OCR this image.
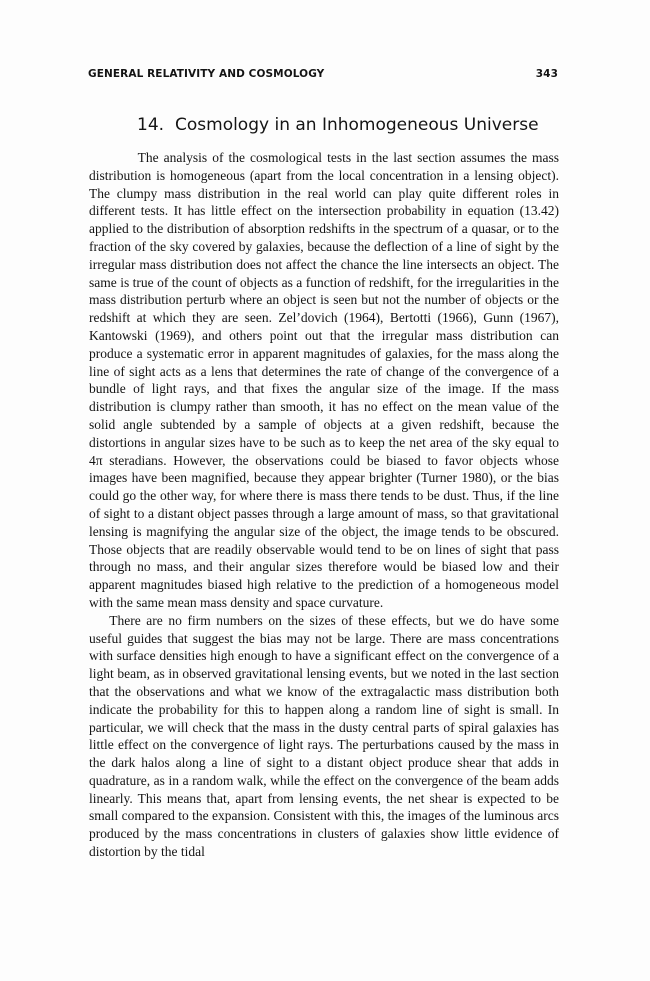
GENERAL RELATIVITY AND COSMOLOGY	343
14. Cosmology in an Inhomogeneous Universe

The analysis of the cosmological tests in the last section assumes the mass distribution is homogeneous (apart from the local concentration in a lensing object). The clumpy mass distribution in the real world can play quite different roles in different tests. It has little effect on the intersection probability in equation (13.42) applied to the distribution of absorption redshifts in the spectrum of a quasar, or to the fraction of the sky covered by galaxies, because the deflection of a line of sight by the irregular mass distribution does not affect the chance the line intersects an object. The same is true of the count of objects as a function of redshift, for the irregularities in the mass distribution perturb where an object is seen but not the number of objects or the redshift at which they are seen. Zel’dovich (1964), Bertotti (1966), Gunn (1967), Kantowski (1969), and others point out that the irregular mass distribution can produce a systematic error in apparent magnitudes of galaxies, for the mass along the line of sight acts as a lens that determines the rate of change of the convergence of a bundle of light rays, and that fixes the angular size of the image. If the mass distribution is clumpy rather than smooth, it has no effect on the mean value of the solid angle subtended by a sample of objects at a given redshift, because the distortions in angular sizes have to be such as to keep the net area of the sky equal to 4π steradians. However, the observations could be biased to favor objects whose images have been magnified, because they appear brighter (Turner 1980), or the bias could go the other way, for where there is mass there tends to be dust. Thus, if the line of sight to a distant object passes through a large amount of mass, so that gravitational lensing is magnifying the angular size of the object, the image tends to be obscured. Those objects that are readily observable would tend to be on lines of sight that pass through no mass, and their angular sizes therefore would be biased low and their apparent magnitudes biased high relative to the prediction of a homogeneous model with the same mean mass density and space curvature.

There are no firm numbers on the sizes of these effects, but we do have some useful guides that suggest the bias may not be large. There are mass concentrations with surface densities high enough to have a significant effect on the convergence of a light beam, as in observed gravitational lensing events, but we noted in the last section that the observations and what we know of the extragalactic mass distribution both indicate the probability for this to happen along a random line of sight is small. In particular, we will check that the mass in the dusty central parts of spiral galaxies has little effect on the convergence of light rays. The perturbations caused by the mass in the dark halos along a line of sight to a distant object produce shear that adds in quadrature, as in a random walk, while the effect on the convergence of the beam adds linearly. This means that, apart from lensing events, the net shear is expected to be small compared to the expansion. Consistent with this, the images of the luminous arcs produced by the mass concentrations in clusters of galaxies show little evidence of distortion by the tidal
